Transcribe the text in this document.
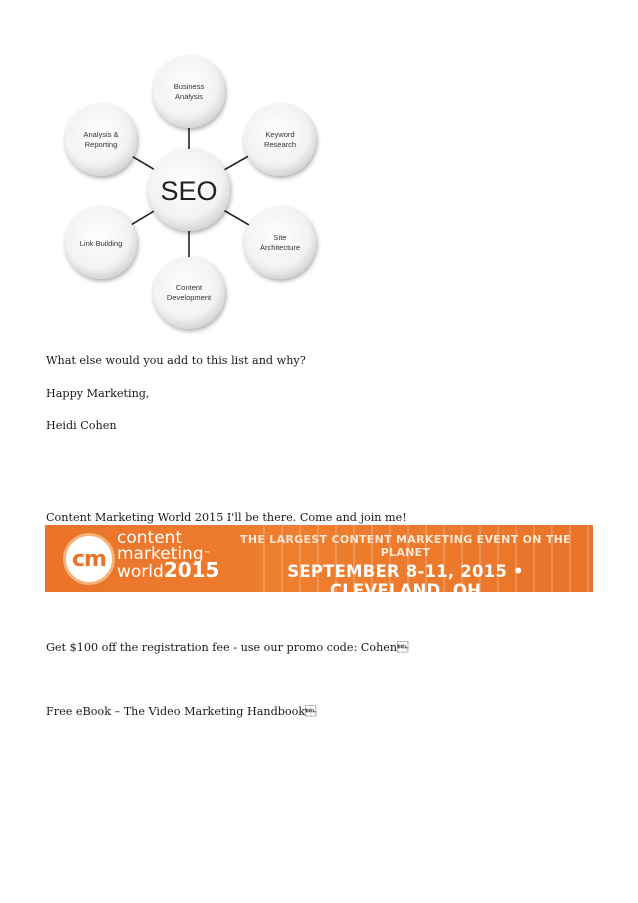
Business
Analysis
Keyword
Research
Site
Architecture
Content
Development
Link Building
Analysis &
Reporting
SEO
What else would you add to this list and why?
Happy Marketing,
Heidi Cohen
Content Marketing World 2015 I'll be there. Come and join me!
cm
content
marketing™
world2015
THE LARGEST CONTENT MARKETING EVENT ON THE PLANET
SEPTEMBER 8-11, 2015 • CLEVELAND, OH
www.contentmarketingworld.com • #cmworld
Get $100 off the registration fee - use our promo code: Cohen
Free eBook – The Video Marketing Handbook
